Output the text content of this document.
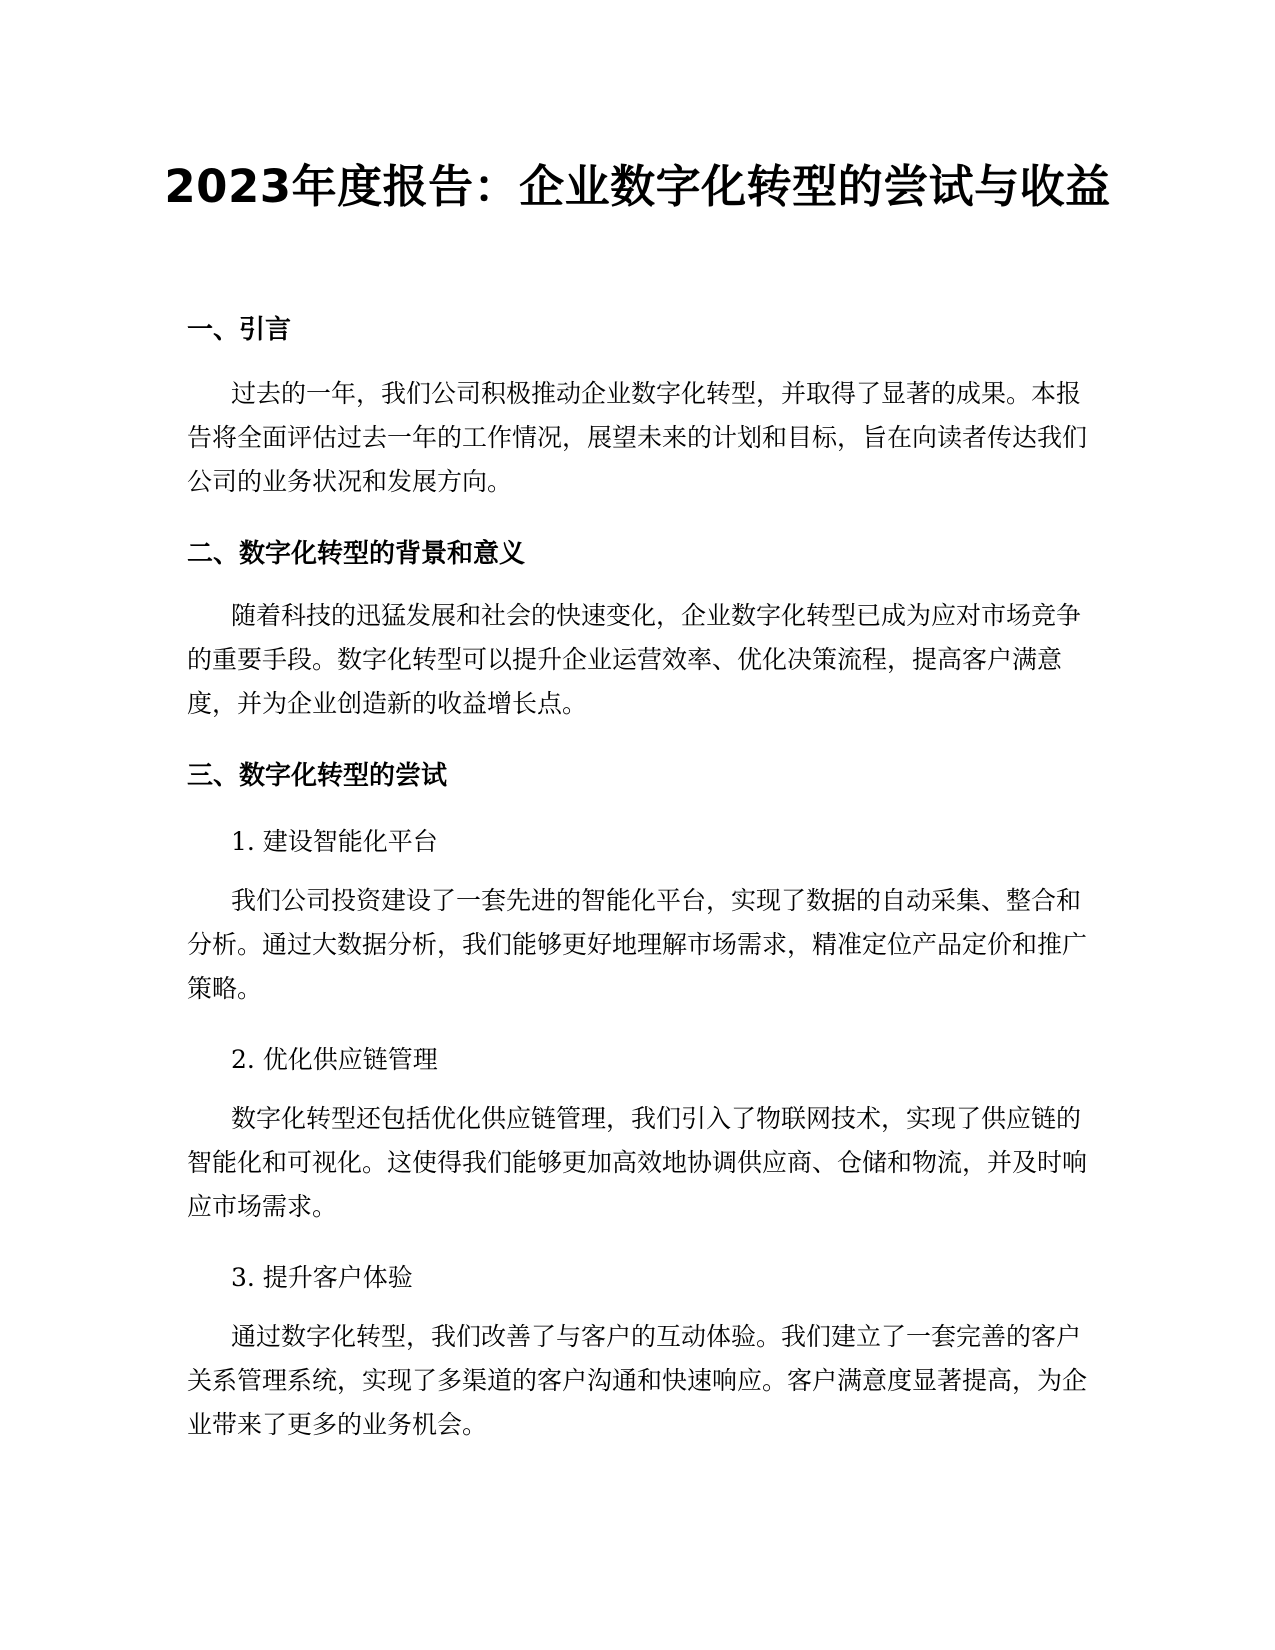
2023年度报告：企业数字化转型的尝试与收益
一、引言

过去的一年，我们公司积极推动企业数字化转型，并取得了显著的成果。本报
告将全面评估过去一年的工作情况，展望未来的计划和目标，旨在向读者传达我们
公司的业务状况和发展方向。

二、数字化转型的背景和意义

随着科技的迅猛发展和社会的快速变化，企业数字化转型已成为应对市场竞争
的重要手段。数字化转型可以提升企业运营效率、优化决策流程，提高客户满意
度，并为企业创造新的收益增长点。

三、数字化转型的尝试

1. 建设智能化平台

我们公司投资建设了一套先进的智能化平台，实现了数据的自动采集、整合和
分析。通过大数据分析，我们能够更好地理解市场需求，精准定位产品定价和推广
策略。

2. 优化供应链管理

数字化转型还包括优化供应链管理，我们引入了物联网技术，实现了供应链的
智能化和可视化。这使得我们能够更加高效地协调供应商、仓储和物流，并及时响
应市场需求。

3. 提升客户体验

通过数字化转型，我们改善了与客户的互动体验。我们建立了一套完善的客户
关系管理系统，实现了多渠道的客户沟通和快速响应。客户满意度显著提高，为企
业带来了更多的业务机会。
